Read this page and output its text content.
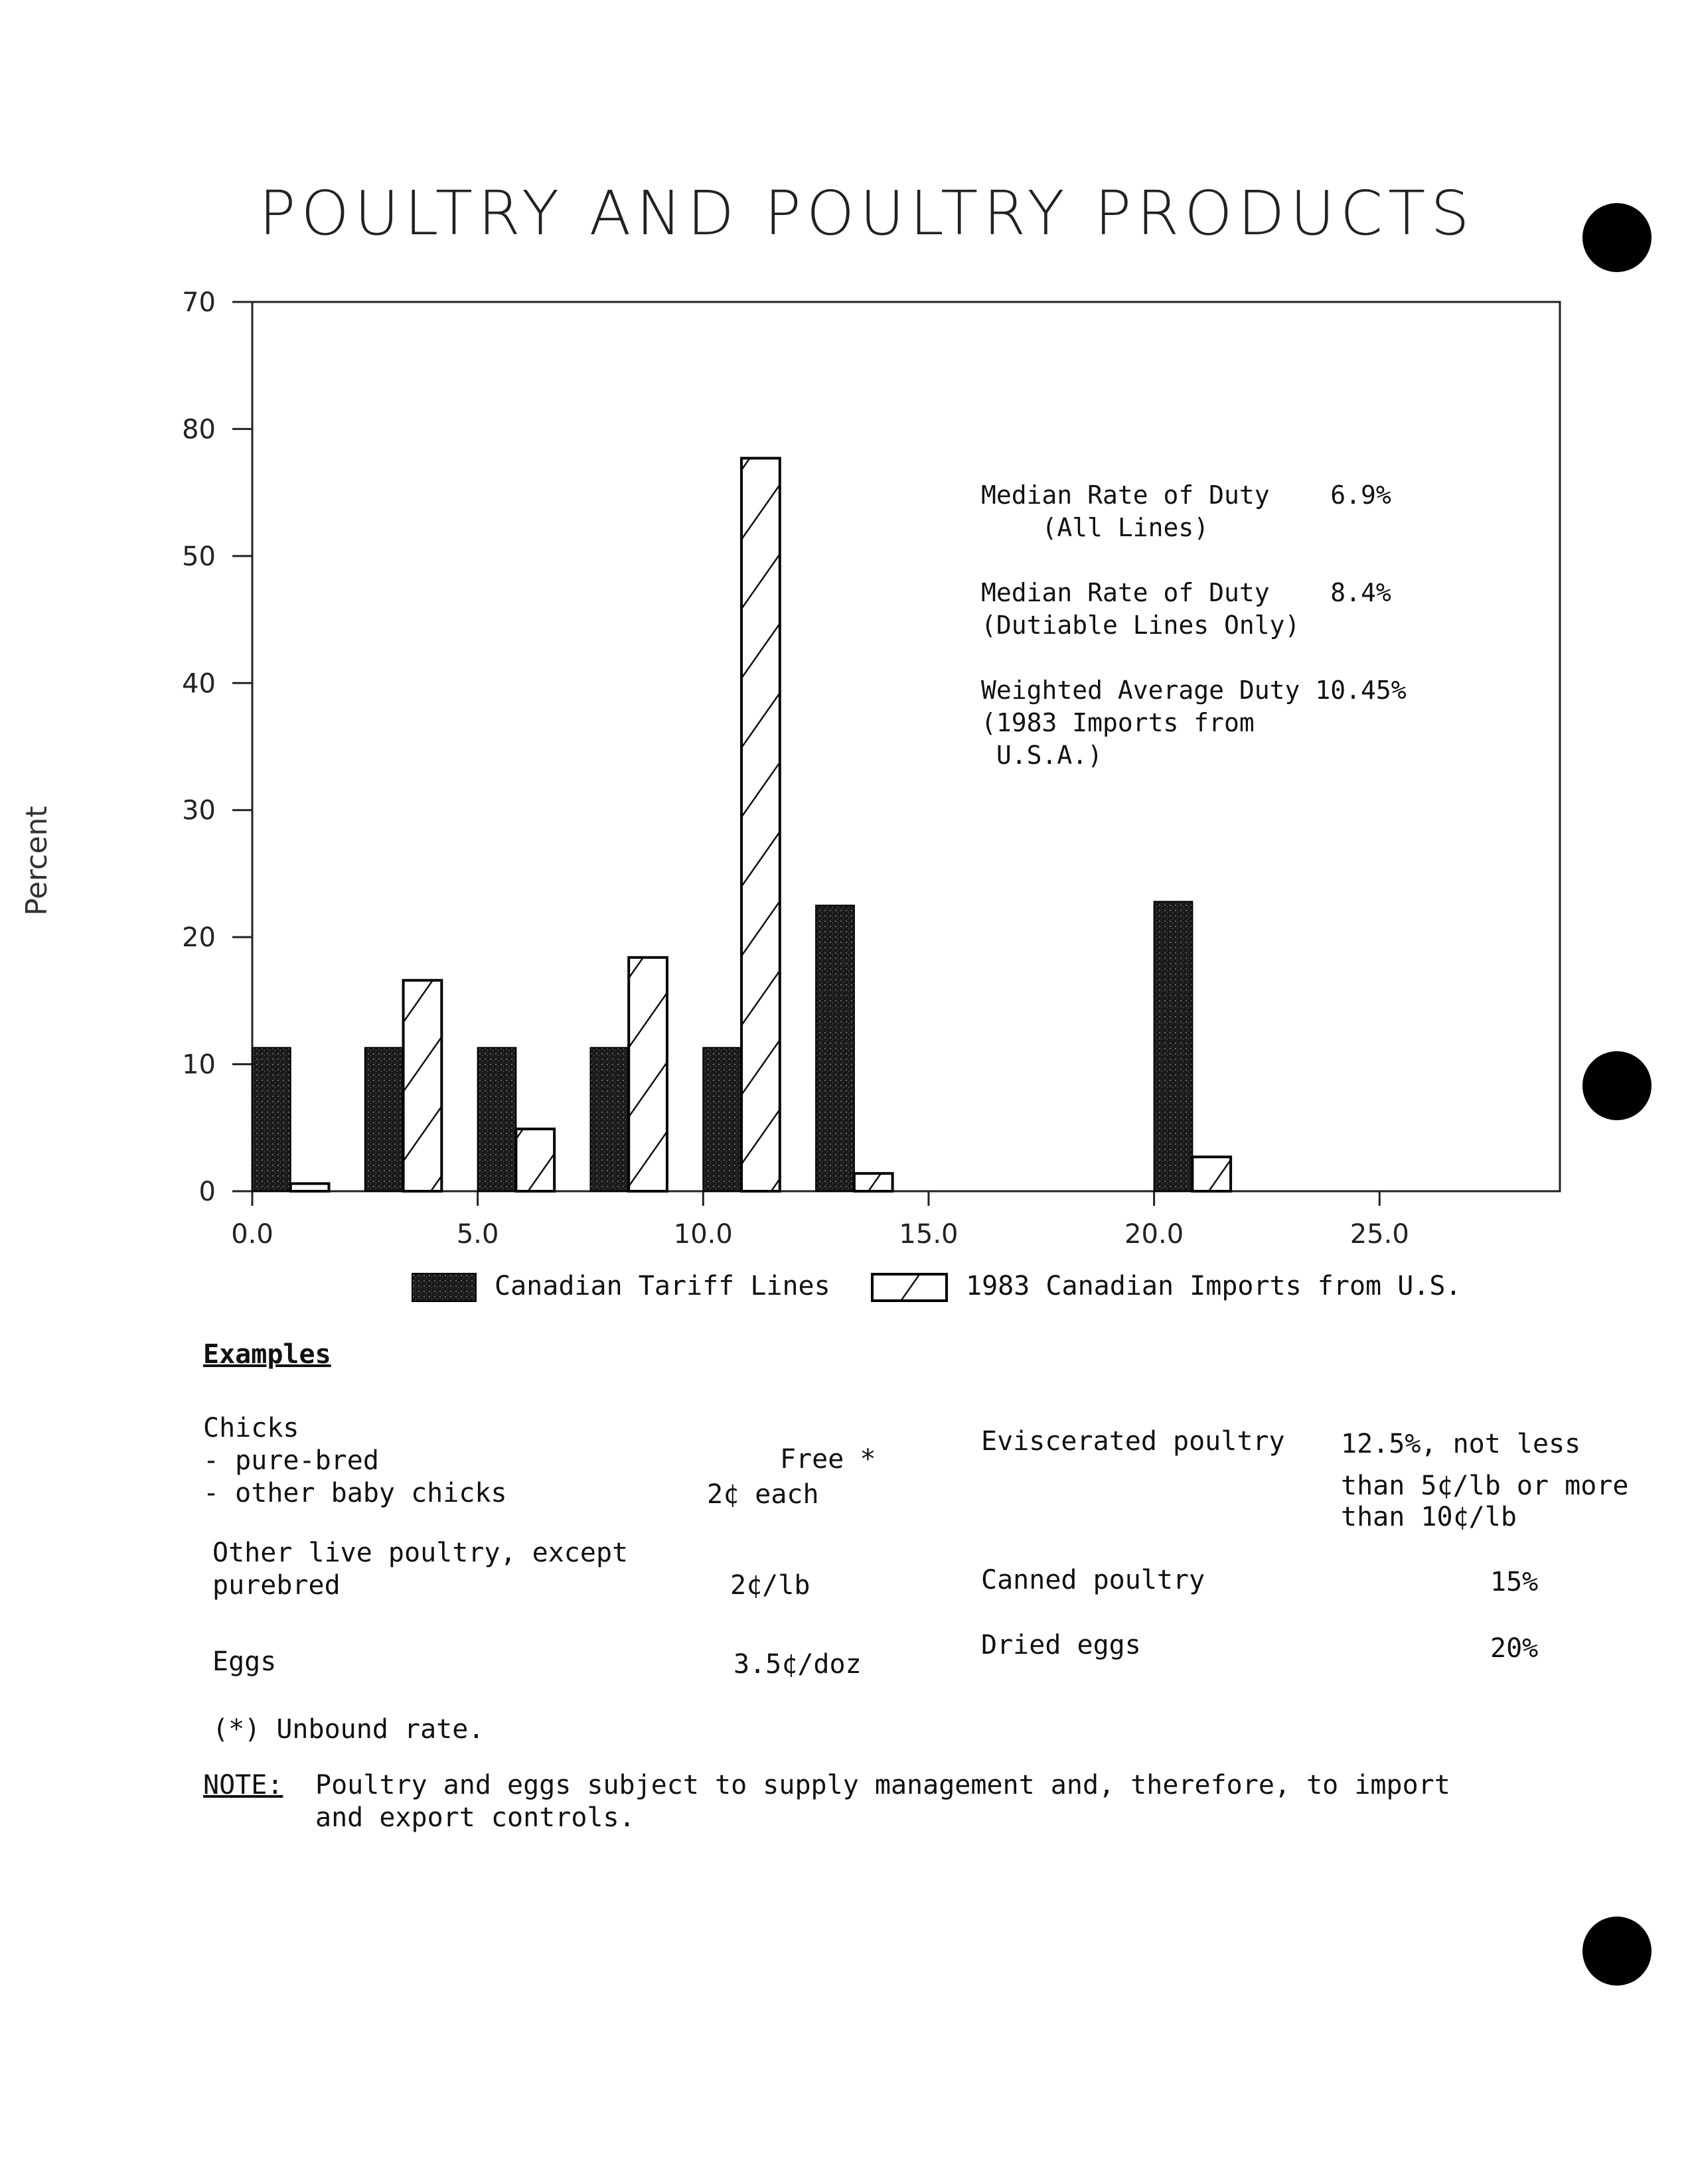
POULTRY AND POULTRY PRODUCTS
Percent
0
10
20
30
40
50
80
70
0.0	5.0	10.0	15.0	20.0	25.0
Median Rate of Duty 6.9%
(All Lines)

Median Rate of Duty 8.4%
(Dutiable Lines Only)

Weighted Average Duty 10.45%
(1983 Imports from
U.S.A.)
Canadian Tariff Lines	1983 Canadian Imports from U.S.
Examples
Chicks
- pure-bred	Free *
- other baby chicks	2¢ each
Other live poultry, except
purebred	2¢/lb
Eggs	3.5¢/doz
Eviscerated poultry 12.5%, not less
than 5¢/lb or more
than 10¢/lb
Canned poultry	15%
Dried eggs	20%
(*) Unbound rate.
NOTE: Poultry and eggs subject to supply management and, therefore, to import
and export controls.
